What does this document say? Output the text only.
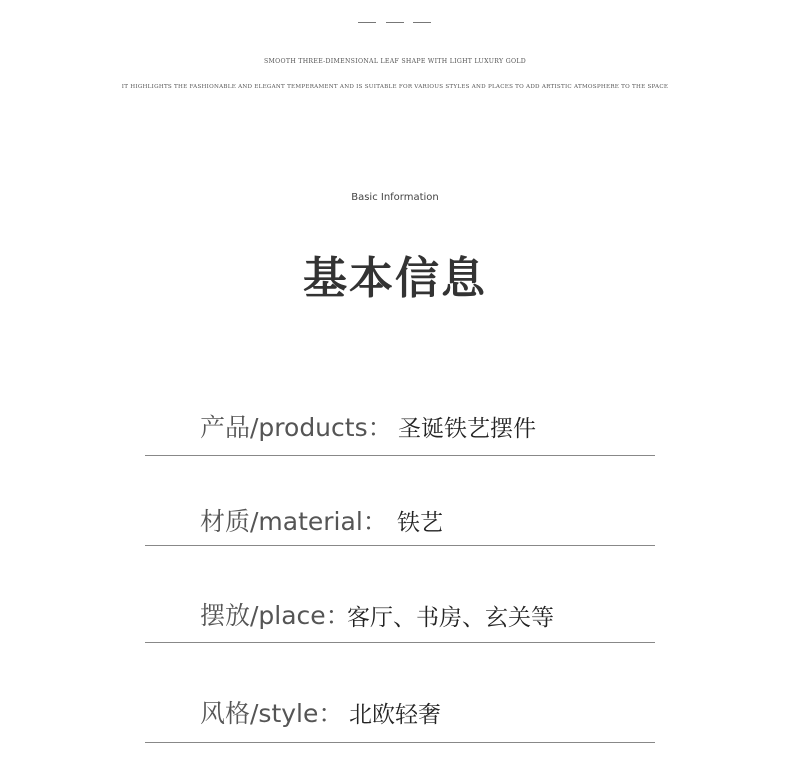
SMOOTH THREE-DIMENSIONAL LEAF SHAPE WITH LIGHT LUXURY GOLD
IT HIGHLIGHTS THE FASHIONABLE AND ELEGANT TEMPERAMENT AND IS SUITABLE FOR VARIOUS STYLES AND PLACES TO ADD ARTISTIC ATMOSPHERE TO THE SPACE
Basic Information
基本信息
产品/products： 圣诞铁艺摆件
材质/material： 铁艺
摆放/place：
客厅、书房、玄关等
风格/style： 北欧轻奢
